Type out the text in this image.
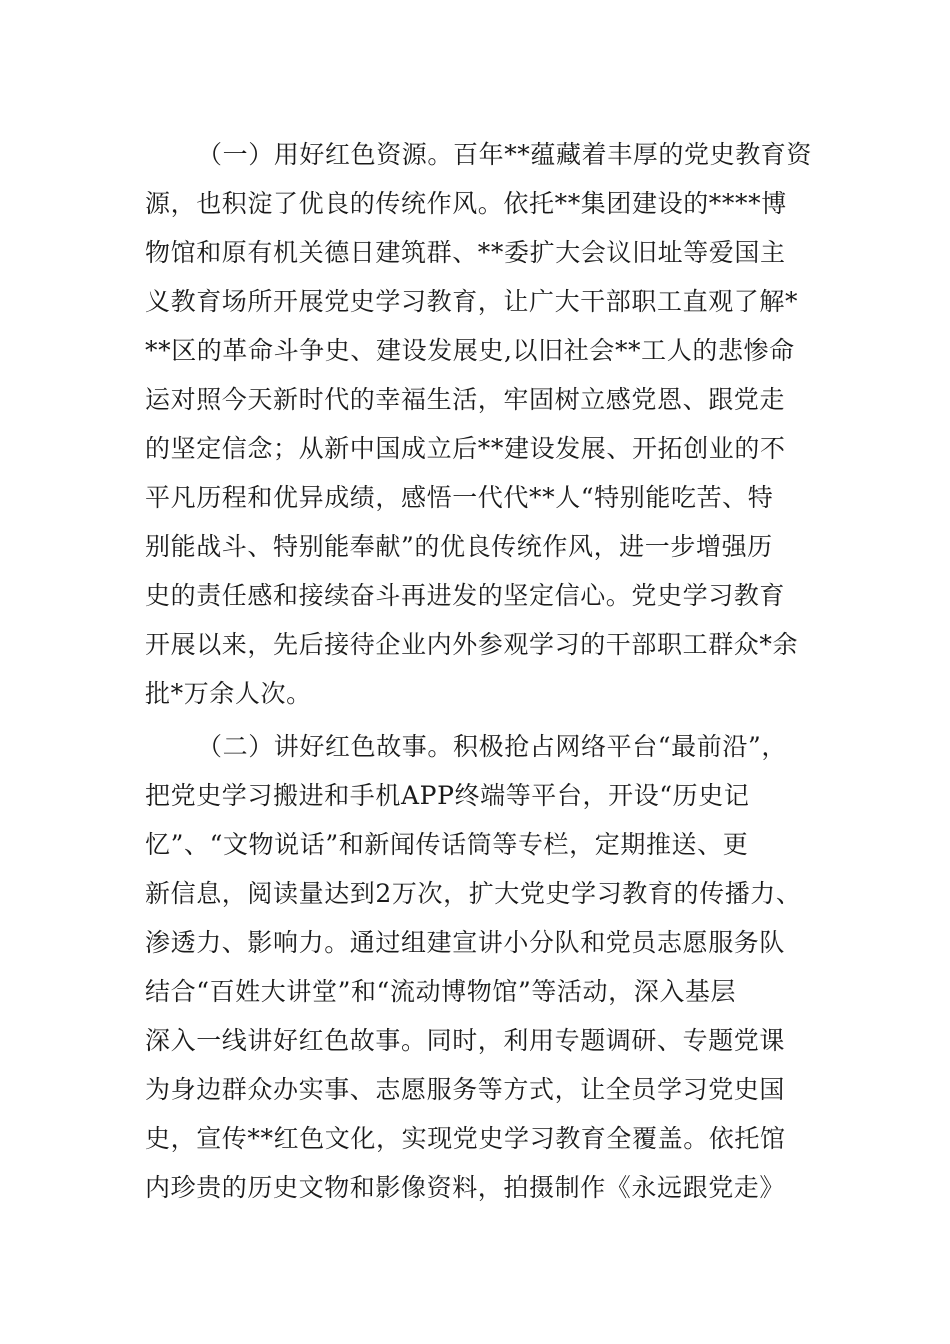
（一）用好红色资源。百年**蕴藏着丰厚的党史教育资
源，也积淀了优良的传统作风。依托**集团建设的****博
物馆和原有机关德日建筑群、**委扩大会议旧址等爱国主
义教育场所开展党史学习教育，让广大干部职工直观了解*
**区的革命斗争史、建设发展史,以旧社会**工人的悲惨命
运对照今天新时代的幸福生活，牢固树立感党恩、跟党走
的坚定信念；从新中国成立后**建设发展、开拓创业的不
平凡历程和优异成绩，感悟一代代**人“特别能吃苦、特
别能战斗、特别能奉献”的优良传统作风，进一步增强历
史的责任感和接续奋斗再进发的坚定信心。党史学习教育
开展以来，先后接待企业内外参观学习的干部职工群众*余
批*万余人次。
（二）讲好红色故事。积极抢占网络平台“最前沿”，
把党史学习搬进和手机APP终端等平台，开设“历史记
忆”、“文物说话”和新闻传话筒等专栏，定期推送、更
新信息，阅读量达到2万次，扩大党史学习教育的传播力、
渗透力、影响力。通过组建宣讲小分队和党员志愿服务队
结合“百姓大讲堂”和“流动博物馆”等活动，深入基层
深入一线讲好红色故事。同时，利用专题调研、专题党课
为身边群众办实事、志愿服务等方式，让全员学习党史国
史，宣传**红色文化，实现党史学习教育全覆盖。依托馆
内珍贵的历史文物和影像资料，拍摄制作《永远跟党走》
